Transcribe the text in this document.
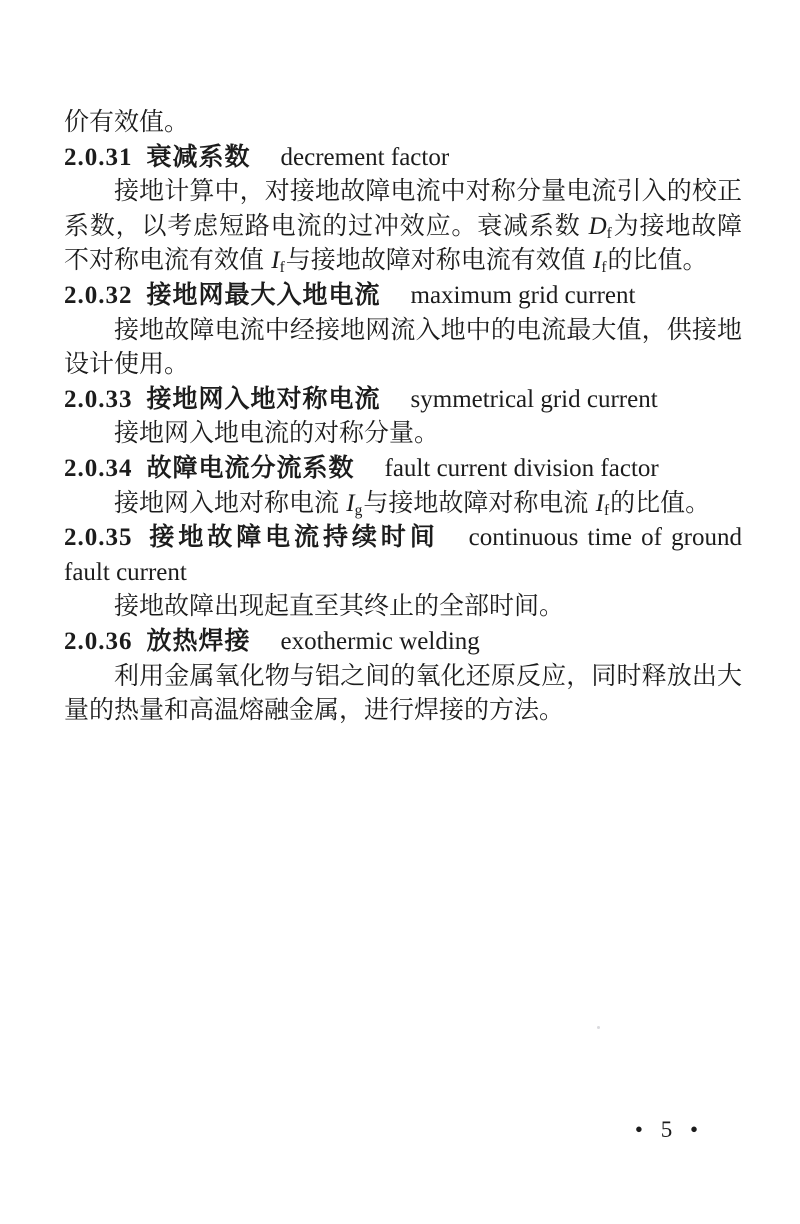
价有效值。

2.0.31 衰减系数 decrement factor

接地计算中，对接地故障电流中对称分量电流引入的校正系数，以考虑短路电流的过冲效应。衰减系数 $D_f$为接地故障不对称电流有效值 $I_f$与接地故障对称电流有效值 $I_f$的比值。

2.0.32 接地网最大入地电流 maximum grid current

接地故障电流中经接地网流入地中的电流最大值，供接地设计使用。

2.0.33 接地网入地对称电流 symmetrical grid current

接地网入地电流的对称分量。

2.0.34 故障电流分流系数 fault current division factor

接地网入地对称电流 $I_g$与接地故障对称电流 $I_f$的比值。

2.0.35 接地故障电流持续时间 continuous time of ground fault current

接地故障出现起直至其终止的全部时间。

2.0.36 放热焊接 exothermic welding

利用金属氧化物与铝之间的氧化还原反应，同时释放出大量的热量和高温熔融金属，进行焊接的方法。

• 5 •
